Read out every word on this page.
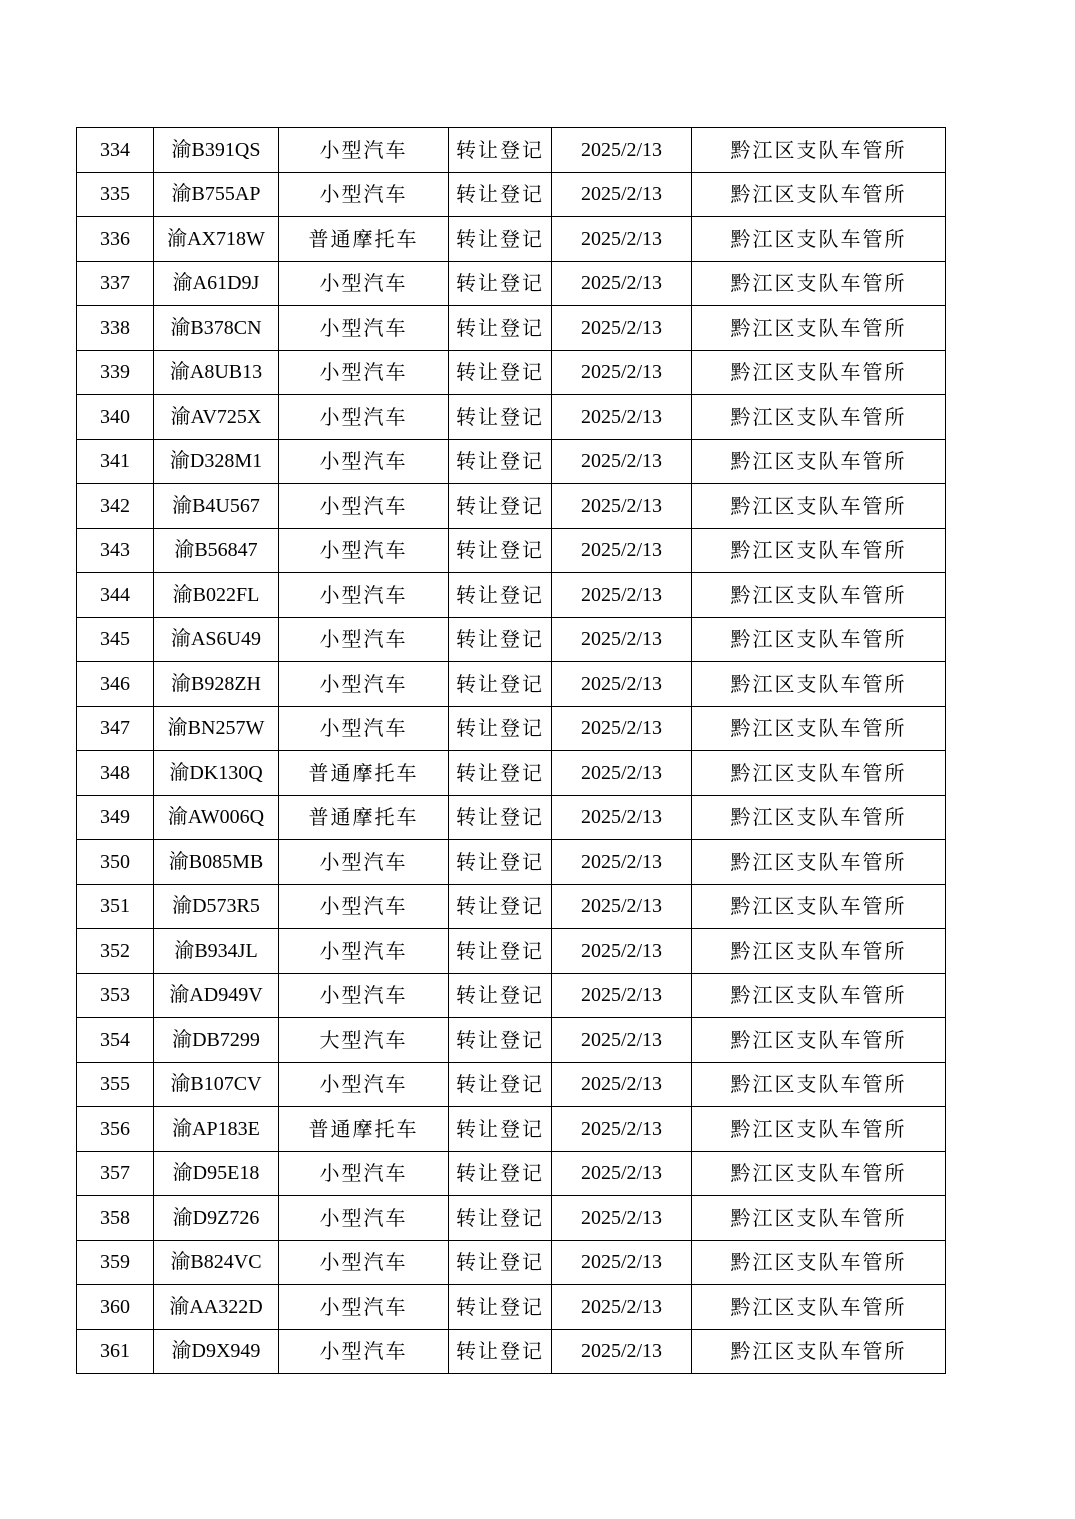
334	渝B391QS	小型汽车	转让登记	2025/2/13	黔江区支队车管所
335	渝B755AP	小型汽车	转让登记	2025/2/13	黔江区支队车管所
336	渝AX718W	普通摩托车	转让登记	2025/2/13	黔江区支队车管所
337	渝A61D9J	小型汽车	转让登记	2025/2/13	黔江区支队车管所
338	渝B378CN	小型汽车	转让登记	2025/2/13	黔江区支队车管所
339	渝A8UB13	小型汽车	转让登记	2025/2/13	黔江区支队车管所
340	渝AV725X	小型汽车	转让登记	2025/2/13	黔江区支队车管所
341	渝D328M1	小型汽车	转让登记	2025/2/13	黔江区支队车管所
342	渝B4U567	小型汽车	转让登记	2025/2/13	黔江区支队车管所
343	渝B56847	小型汽车	转让登记	2025/2/13	黔江区支队车管所
344	渝B022FL	小型汽车	转让登记	2025/2/13	黔江区支队车管所
345	渝AS6U49	小型汽车	转让登记	2025/2/13	黔江区支队车管所
346	渝B928ZH	小型汽车	转让登记	2025/2/13	黔江区支队车管所
347	渝BN257W	小型汽车	转让登记	2025/2/13	黔江区支队车管所
348	渝DK130Q	普通摩托车	转让登记	2025/2/13	黔江区支队车管所
349	渝AW006Q	普通摩托车	转让登记	2025/2/13	黔江区支队车管所
350	渝B085MB	小型汽车	转让登记	2025/2/13	黔江区支队车管所
351	渝D573R5	小型汽车	转让登记	2025/2/13	黔江区支队车管所
352	渝B934JL	小型汽车	转让登记	2025/2/13	黔江区支队车管所
353	渝AD949V	小型汽车	转让登记	2025/2/13	黔江区支队车管所
354	渝DB7299	大型汽车	转让登记	2025/2/13	黔江区支队车管所
355	渝B107CV	小型汽车	转让登记	2025/2/13	黔江区支队车管所
356	渝AP183E	普通摩托车	转让登记	2025/2/13	黔江区支队车管所
357	渝D95E18	小型汽车	转让登记	2025/2/13	黔江区支队车管所
358	渝D9Z726	小型汽车	转让登记	2025/2/13	黔江区支队车管所
359	渝B824VC	小型汽车	转让登记	2025/2/13	黔江区支队车管所
360	渝AA322D	小型汽车	转让登记	2025/2/13	黔江区支队车管所
361	渝D9X949	小型汽车	转让登记	2025/2/13	黔江区支队车管所
